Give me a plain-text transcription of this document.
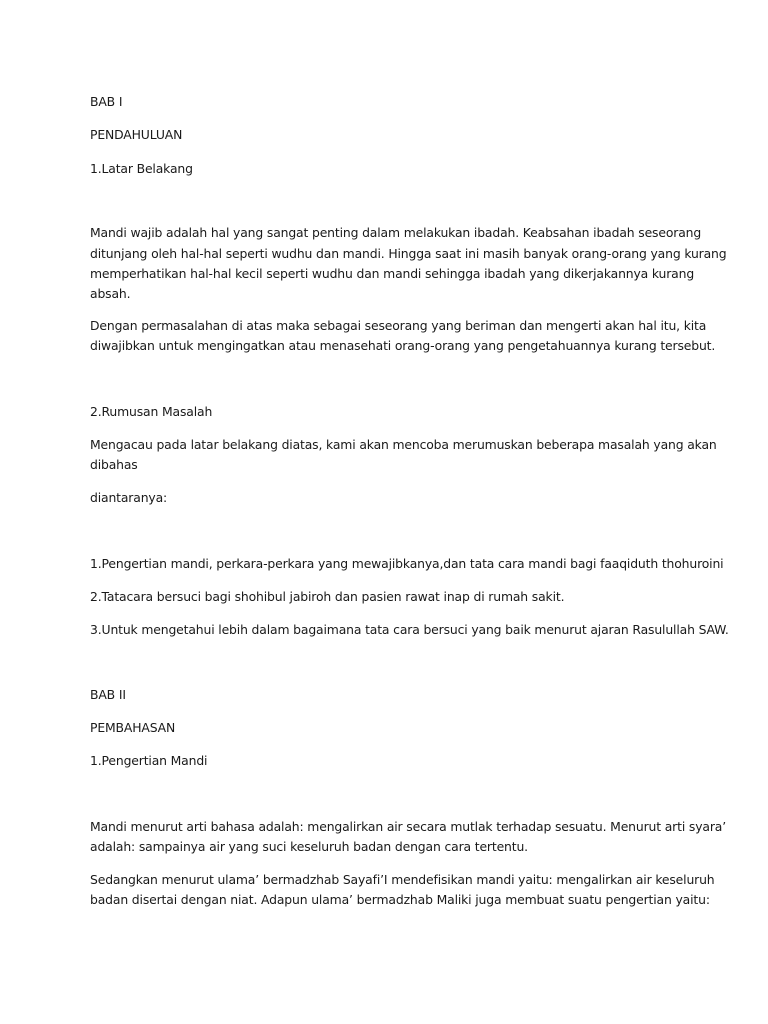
BAB I
PENDAHULUAN
1.Latar Belakang
Mandi wajib adalah hal yang sangat penting dalam melakukan ibadah. Keabsahan ibadah seseorang
ditunjang oleh hal-hal seperti wudhu dan mandi. Hingga saat ini masih banyak orang-orang yang kurang
memperhatikan hal-hal kecil seperti wudhu dan mandi sehingga ibadah yang dikerjakannya kurang
absah.
Dengan permasalahan di atas maka sebagai seseorang yang beriman dan mengerti akan hal itu, kita
diwajibkan untuk mengingatkan atau menasehati orang-orang yang pengetahuannya kurang tersebut.
2.Rumusan Masalah
Mengacau pada latar belakang diatas, kami akan mencoba merumuskan beberapa masalah yang akan
dibahas
diantaranya:
1.Pengertian mandi, perkara-perkara yang mewajibkanya,dan tata cara mandi bagi faaqiduth thohuroini
2.Tatacara bersuci bagi shohibul jabiroh dan pasien rawat inap di rumah sakit.
3.Untuk mengetahui lebih dalam bagaimana tata cara bersuci yang baik menurut ajaran Rasulullah SAW.
BAB II
PEMBAHASAN
1.Pengertian Mandi
Mandi menurut arti bahasa adalah: mengalirkan air secara mutlak terhadap sesuatu. Menurut arti syara’
adalah: sampainya air yang suci keseluruh badan dengan cara tertentu.
Sedangkan menurut ulama’ bermadzhab Sayafi’I mendefisikan mandi yaitu: mengalirkan air keseluruh
badan disertai dengan niat. Adapun ulama’ bermadzhab Maliki juga membuat suatu pengertian yaitu:
